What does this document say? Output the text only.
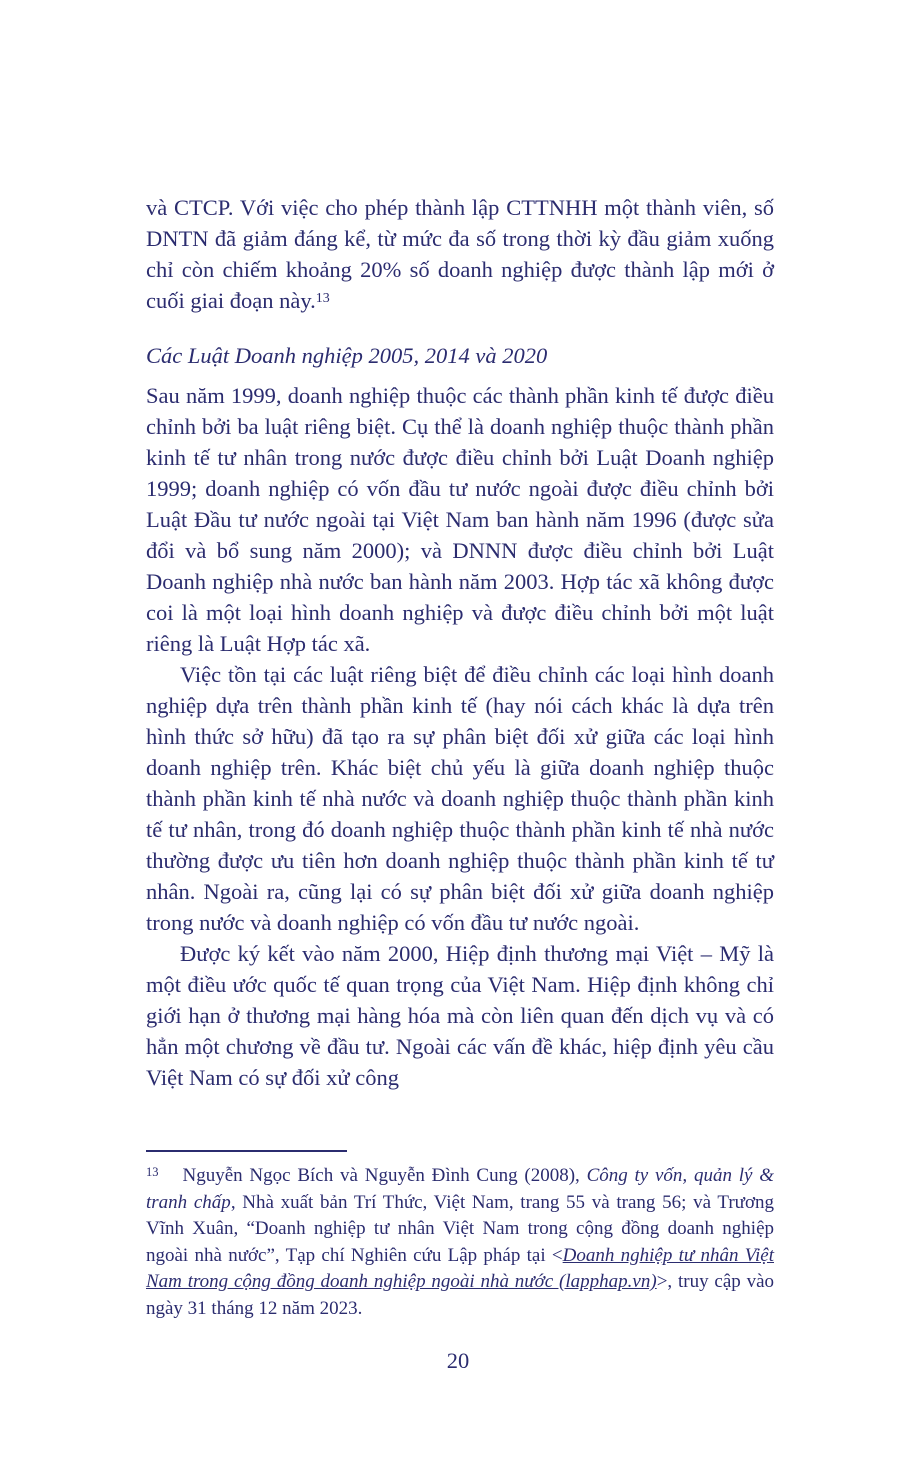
và CTCP. Với việc cho phép thành lập CTTNHH một thành viên, số DNTN đã giảm đáng kể, từ mức đa số trong thời kỳ đầu giảm xuống chỉ còn chiếm khoảng 20% số doanh nghiệp được thành lập mới ở cuối giai đoạn này.$^{13}$

Các Luật Doanh nghiệp 2005, 2014 và 2020

Sau năm 1999, doanh nghiệp thuộc các thành phần kinh tế được điều chỉnh bởi ba luật riêng biệt. Cụ thể là doanh nghiệp thuộc thành phần kinh tế tư nhân trong nước được điều chỉnh bởi Luật Doanh nghiệp 1999; doanh nghiệp có vốn đầu tư nước ngoài được điều chỉnh bởi Luật Đầu tư nước ngoài tại Việt Nam ban hành năm 1996 (được sửa đổi và bổ sung năm 2000); và DNNN được điều chỉnh bởi Luật Doanh nghiệp nhà nước ban hành năm 2003. Hợp tác xã không được coi là một loại hình doanh nghiệp và được điều chỉnh bởi một luật riêng là Luật Hợp tác xã.

Việc tồn tại các luật riêng biệt để điều chỉnh các loại hình doanh nghiệp dựa trên thành phần kinh tế (hay nói cách khác là dựa trên hình thức sở hữu) đã tạo ra sự phân biệt đối xử giữa các loại hình doanh nghiệp trên. Khác biệt chủ yếu là giữa doanh nghiệp thuộc thành phần kinh tế nhà nước và doanh nghiệp thuộc thành phần kinh tế tư nhân, trong đó doanh nghiệp thuộc thành phần kinh tế nhà nước thường được ưu tiên hơn doanh nghiệp thuộc thành phần kinh tế tư nhân. Ngoài ra, cũng lại có sự phân biệt đối xử giữa doanh nghiệp trong nước và doanh nghiệp có vốn đầu tư nước ngoài.

Được ký kết vào năm 2000, Hiệp định thương mại Việt – Mỹ là một điều ước quốc tế quan trọng của Việt Nam. Hiệp định không chỉ giới hạn ở thương mại hàng hóa mà còn liên quan đến dịch vụ và có hẳn một chương về đầu tư. Ngoài các vấn đề khác, hiệp định yêu cầu Việt Nam có sự đối xử công

$^{13}$ Nguyễn Ngọc Bích và Nguyễn Đình Cung (2008), Công ty vốn, quản lý & tranh chấp, Nhà xuất bản Trí Thức, Việt Nam, trang 55 và trang 56; và Trương Vĩnh Xuân, “Doanh nghiệp tư nhân Việt Nam trong cộng đồng doanh nghiệp ngoài nhà nước”, Tạp chí Nghiên cứu Lập pháp tại <Doanh nghiệp tư nhân Việt Nam trong cộng đồng doanh nghiệp ngoài nhà nước (lapphap.vn)>, truy cập vào ngày 31 tháng 12 năm 2023.

20
